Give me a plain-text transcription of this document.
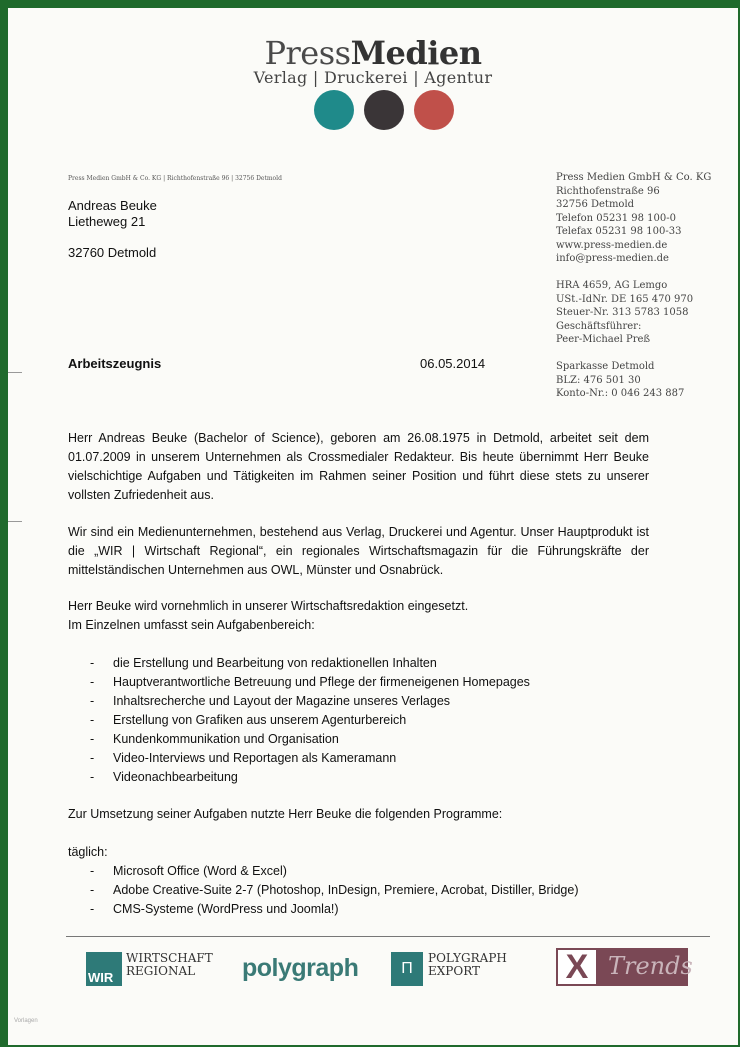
PressMedien
Verlag | Druckerei | Agentur
Press Medien GmbH & Co. KG | Richthofenstraße 96 | 32756 Detmold
Andreas Beuke
Lietheweg 21
32760 Detmold
Press Medien GmbH & Co. KG
Richthofenstraße 96
32756 Detmold
Telefon 05231 98 100-0
Telefax 05231 98 100-33
www.press-medien.de
info@press-medien.de
HRA 4659, AG Lemgo
USt.-IdNr. DE 165 470 970
Steuer-Nr. 313 5783 1058
Geschäftsführer:
Peer-Michael Preß
Sparkasse Detmold
BLZ: 476 501 30
Konto-Nr.: 0 046 243 887
Arbeitszeugnis	06.05.2014
Herr Andreas Beuke (Bachelor of Science), geboren am 26.08.1975 in Detmold, arbeitet seit dem 01.07.2009 in unserem Unternehmen als Crossmedialer Redakteur. Bis heute übernimmt Herr Beuke vielschichtige Aufgaben und Tätigkeiten im Rahmen seiner Position und führt diese stets zu unserer vollsten Zufriedenheit aus.
Wir sind ein Medienunternehmen, bestehend aus Verlag, Druckerei und Agentur. Unser Hauptprodukt ist die „WIR | Wirtschaft Regional“, ein regionales Wirtschaftsmagazin für die Führungskräfte der mittelständischen Unternehmen aus OWL, Münster und Osnabrück.
Herr Beuke wird vornehmlich in unserer Wirtschaftsredaktion eingesetzt.
Im Einzelnen umfasst sein Aufgabenbereich:
- die Erstellung und Bearbeitung von redaktionellen Inhalten
- Hauptverantwortliche Betreuung und Pflege der firmeneigenen Homepages
- Inhaltsrecherche und Layout der Magazine unseres Verlages
- Erstellung von Grafiken aus unserem Agenturbereich
- Kundenkommunikation und Organisation
- Video-Interviews und Reportagen als Kameramann
- Videonachbearbeitung
Zur Umsetzung seiner Aufgaben nutzte Herr Beuke die folgenden Programme:
täglich:
- Microsoft Office (Word & Excel)
- Adobe Creative-Suite 2-7 (Photoshop, InDesign, Premiere, Acrobat, Distiller, Bridge)
- CMS-Systeme (WordPress und Joomla!)
WIR
WIRTSCHAFT
REGIONAL	polygraph	П
POLYGRAPH
EXPORT	X Trends
Vorlagen
